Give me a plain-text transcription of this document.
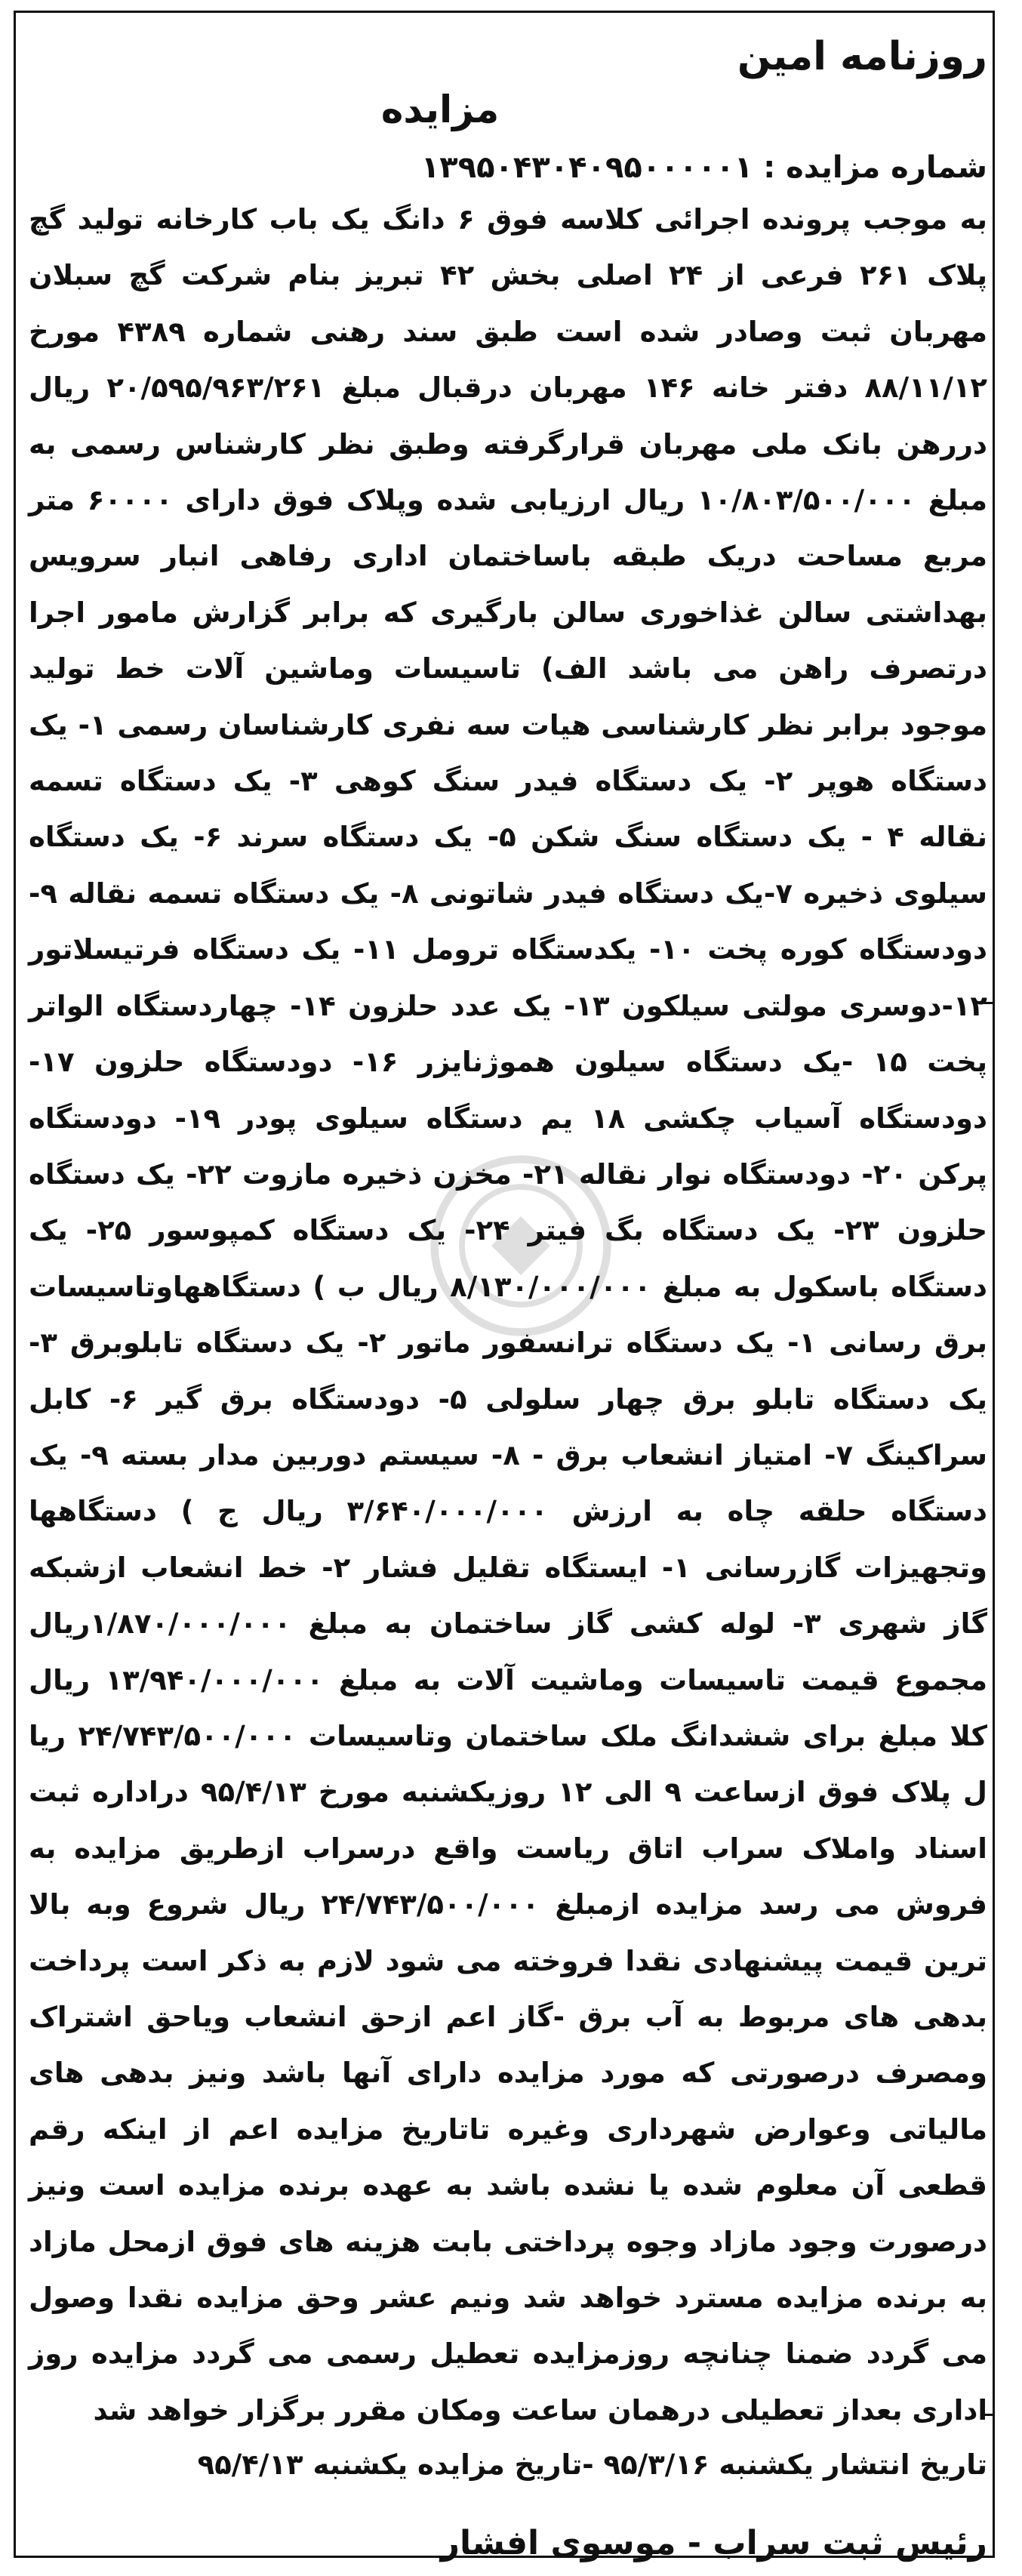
روزنامه امین

مزایده

شماره مزایده : ۱۳۹۵۰۴۳۰۴۰۹۵۰۰۰۰۰۱

به موجب پرونده اجرائی کلاسه فوق ۶ دانگ یک باب کارخانه تولید گچ پلاک ۲۶۱ فرعی از ۲۴ اصلی بخش ۴۲ تبریز بنام شرکت گچ سبلان مهربان ثبت وصادر شده است طبق سند رهنی شماره ۴۳۸۹ مورخ ۸۸/۱۱/۱۲ دفتر خانه ۱۴۶ مهربان درقبال مبلغ ۲۰/۵۹۵/۹۶۳/۲۶۱ ریال دررهن بانک ملی مهربان قرارگرفته وطبق نظر کارشناس رسمی به مبلغ ۱۰/۸۰۳/۵۰۰/۰۰۰ ریال ارزیابی شده وپلاک فوق دارای ۶۰۰۰۰ متر مربع مساحت دریک طبقه باساختمان اداری رفاهی انبار سرویس بهداشتی سالن غذاخوری سالن بارگیری که برابر گزارش مامور اجرا درتصرف راهن می باشد الف) تاسیسات وماشین آلات خط تولید موجود برابر نظر کارشناسی هیات سه نفری کارشناسان رسمی ۱- یک دستگاه هوپر ۲- یک دستگاه فیدر سنگ کوهی ۳- یک دستگاه تسمه نقاله ۴ - یک دستگاه سنگ شکن ۵- یک دستگاه سرند ۶- یک دستگاه سیلوی ذخیره ۷-یک دستگاه فیدر شاتونی ۸- یک دستگاه تسمه نقاله ۹- دودستگاه کوره پخت ۱۰- یکدستگاه ترومل ۱۱- یک دستگاه فرتیسلاتور ۱۲-دوسری مولتی سیلکون ۱۳- یک عدد حلزون ۱۴- چهاردستگاه الواتر پخت ۱۵ -یک دستگاه سیلون هموژنایزر ۱۶- دودستگاه حلزون ۱۷- دودستگاه آسیاب چکشی ۱۸ یم دستگاه سیلوی پودر ۱۹- دودستگاه پرکن ۲۰- دودستگاه نوار نقاله ۲۱- مخزن ذخیره مازوت ۲۲- یک دستگاه حلزون ۲۳- یک دستگاه بگ فیتر ۲۴- یک دستگاه کمپوسور ۲۵- یک دستگاه باسکول به مبلغ ۸/۱۳۰/۰۰۰/۰۰۰ ریال ب ) دستگاههاوتاسیسات برق رسانی ۱- یک دستگاه ترانسفور ماتور ۲- یک دستگاه تابلوبرق ۳- یک دستگاه تابلو برق چهار سلولی ۵- دودستگاه برق گیر ۶- کابل سراکینگ ۷- امتیاز انشعاب برق - ۸- سیستم دوربین مدار بسته ۹- یک دستگاه حلقه چاه به ارزش ۳/۶۴۰/۰۰۰/۰۰۰ ریال ج ) دستگاهها وتجهیزات گازرسانی ۱- ایستگاه تقلیل فشار ۲- خط انشعاب ازشبکه گاز شهری ۳- لوله کشی گاز ساختمان به مبلغ ۱/۸۷۰/۰۰۰/۰۰۰ریال مجموع قیمت تاسیسات وماشیت آلات به مبلغ ۱۳/۹۴۰/۰۰۰/۰۰۰ ریال کلا مبلغ برای ششدانگ ملک ساختمان وتاسیسات ۲۴/۷۴۳/۵۰۰/۰۰۰ ریا ل پلاک فوق ازساعت ۹ الی ۱۲ روزیکشنبه مورخ ۹۵/۴/۱۳ دراداره ثبت اسناد واملاک سراب اتاق ریاست واقع درسراب ازطریق مزایده به فروش می رسد مزایده ازمبلغ ۲۴/۷۴۳/۵۰۰/۰۰۰ ریال شروع وبه بالا ترین قیمت پیشنهادی نقدا فروخته می شود لازم به ذکر است پرداخت بدهی های مربوط به آب برق -گاز اعم ازحق انشعاب ویاحق اشتراک ومصرف درصورتی که مورد مزایده دارای آنها باشد ونیز بدهی های مالیاتی وعوارض شهرداری وغیره تاتاریخ مزایده اعم از اینکه رقم قطعی آن معلوم شده یا نشده باشد به عهده برنده مزایده است ونیز درصورت وجود مازاد وجوه پرداختی بابت هزینه های فوق ازمحل مازاد به برنده مزایده مسترد خواهد شد ونیم عشر وحق مزایده نقدا وصول می گردد ضمنا چنانچه روزمزایده تعطیل رسمی می گردد مزایده روز اداری بعداز تعطیلی درهمان ساعت ومکان مقرر برگزار خواهد شد

تاریخ انتشار یکشنبه ۹۵/۳/۱۶ -تاریخ مزایده یکشنبه ۹۵/۴/۱۳

رئیس ثبت سراب - موسوی افشار
